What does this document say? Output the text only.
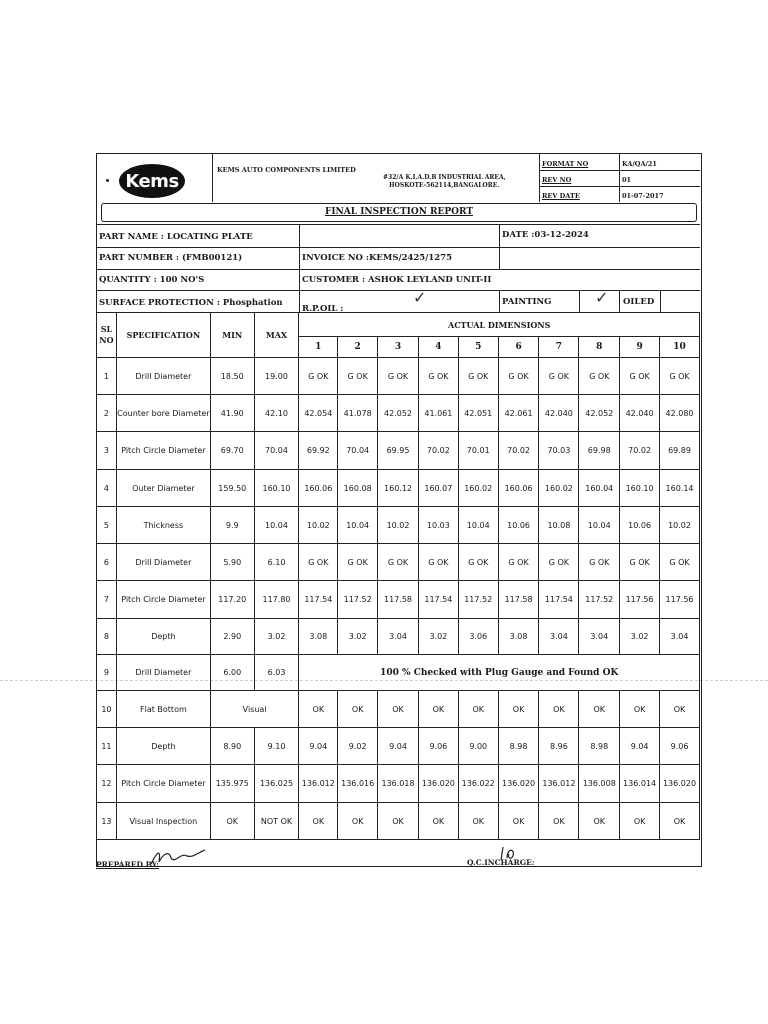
Kems
KEMS AUTO COMPONENTS LIMITED
#32/A K.I.A.D.B INDUSTRIAL AREA,
HOSKOTE-562114,BANGALORE.
FORMAT NO	KA/QA/21
REV NO	01
REV DATE	01-07-2017
FINAL INSPECTION REPORT
PART NAME : LOCATING PLATE	DATE :03-12-2024
PART NUMBER : (FMB00121)	INVOICE NO :KEMS/2425/1275
QUANTITY : 100 NO'S	CUSTOMER : ASHOK LEYLAND UNIT-II
SURFACE PROTECTION : Phosphation
R.P.OIL :
✓	PAINTING	✓ OILED
SL NO	SPECIFICATION	MIN	MAX	ACTUAL DIMENSIONS									
				1	2	3	4	5	6	7	8	9	10
1	Drill Diameter	18.50	19.00	G OK	G OK	G OK	G OK	G OK	G OK	G OK	G OK	G OK	G OK
2	Counter bore Diameter	41.90	42.10	42.054	41.078	42.052	41.061	42.051	42.061	42.040	42.052	42.040	42.080
3	Pitch Circle Diameter	69.70	70.04	69.92	70.04	69.95	70.02	70.01	70.02	70.03	69.98	70.02	69.89
4	Outer Diameter	159.50	160.10	160.06	160.08	160.12	160.07	160.02	160.06	160.02	160.04	160.10	160.14
5	Thickness	9.9	10.04	10.02	10.04	10.02	10.03	10.04	10.06	10.08	10.04	10.06	10.02
6	Drill Diameter	5.90	6.10	G OK	G OK	G OK	G OK	G OK	G OK	G OK	G OK	G OK	G OK
7	Pitch Circle Diameter	117.20	117.80	117.54	117.52	117.58	117.54	117.52	117.58	117.54	117.52	117.56	117.56
8	Depth	2.90	3.02	3.08	3.02	3.04	3.02	3.06	3.08	3.04	3.04	3.02	3.04
9	Drill Diameter	6.00	6.03	100 % Checked with Plug Gauge and Found OK									
10	Flat Bottom	Visual		OK	OK	OK	OK	OK	OK	OK	OK	OK	OK
11	Depth	8.90	9.10	9.04	9.02	9.04	9.06	9.00	8.98	8.96	8.98	9.04	9.06
12	Pitch Circle Diameter	135.975	136.025	136.012	136.016	136.018	136.020	136.022	136.020	136.012	136.008	136.014	136.020
13	Visual Inspection	OK	NOT OK	OK	OK	OK	OK	OK	OK	OK	OK	OK	OK
PREPARED BY:	Q.C.INCHARGE:
